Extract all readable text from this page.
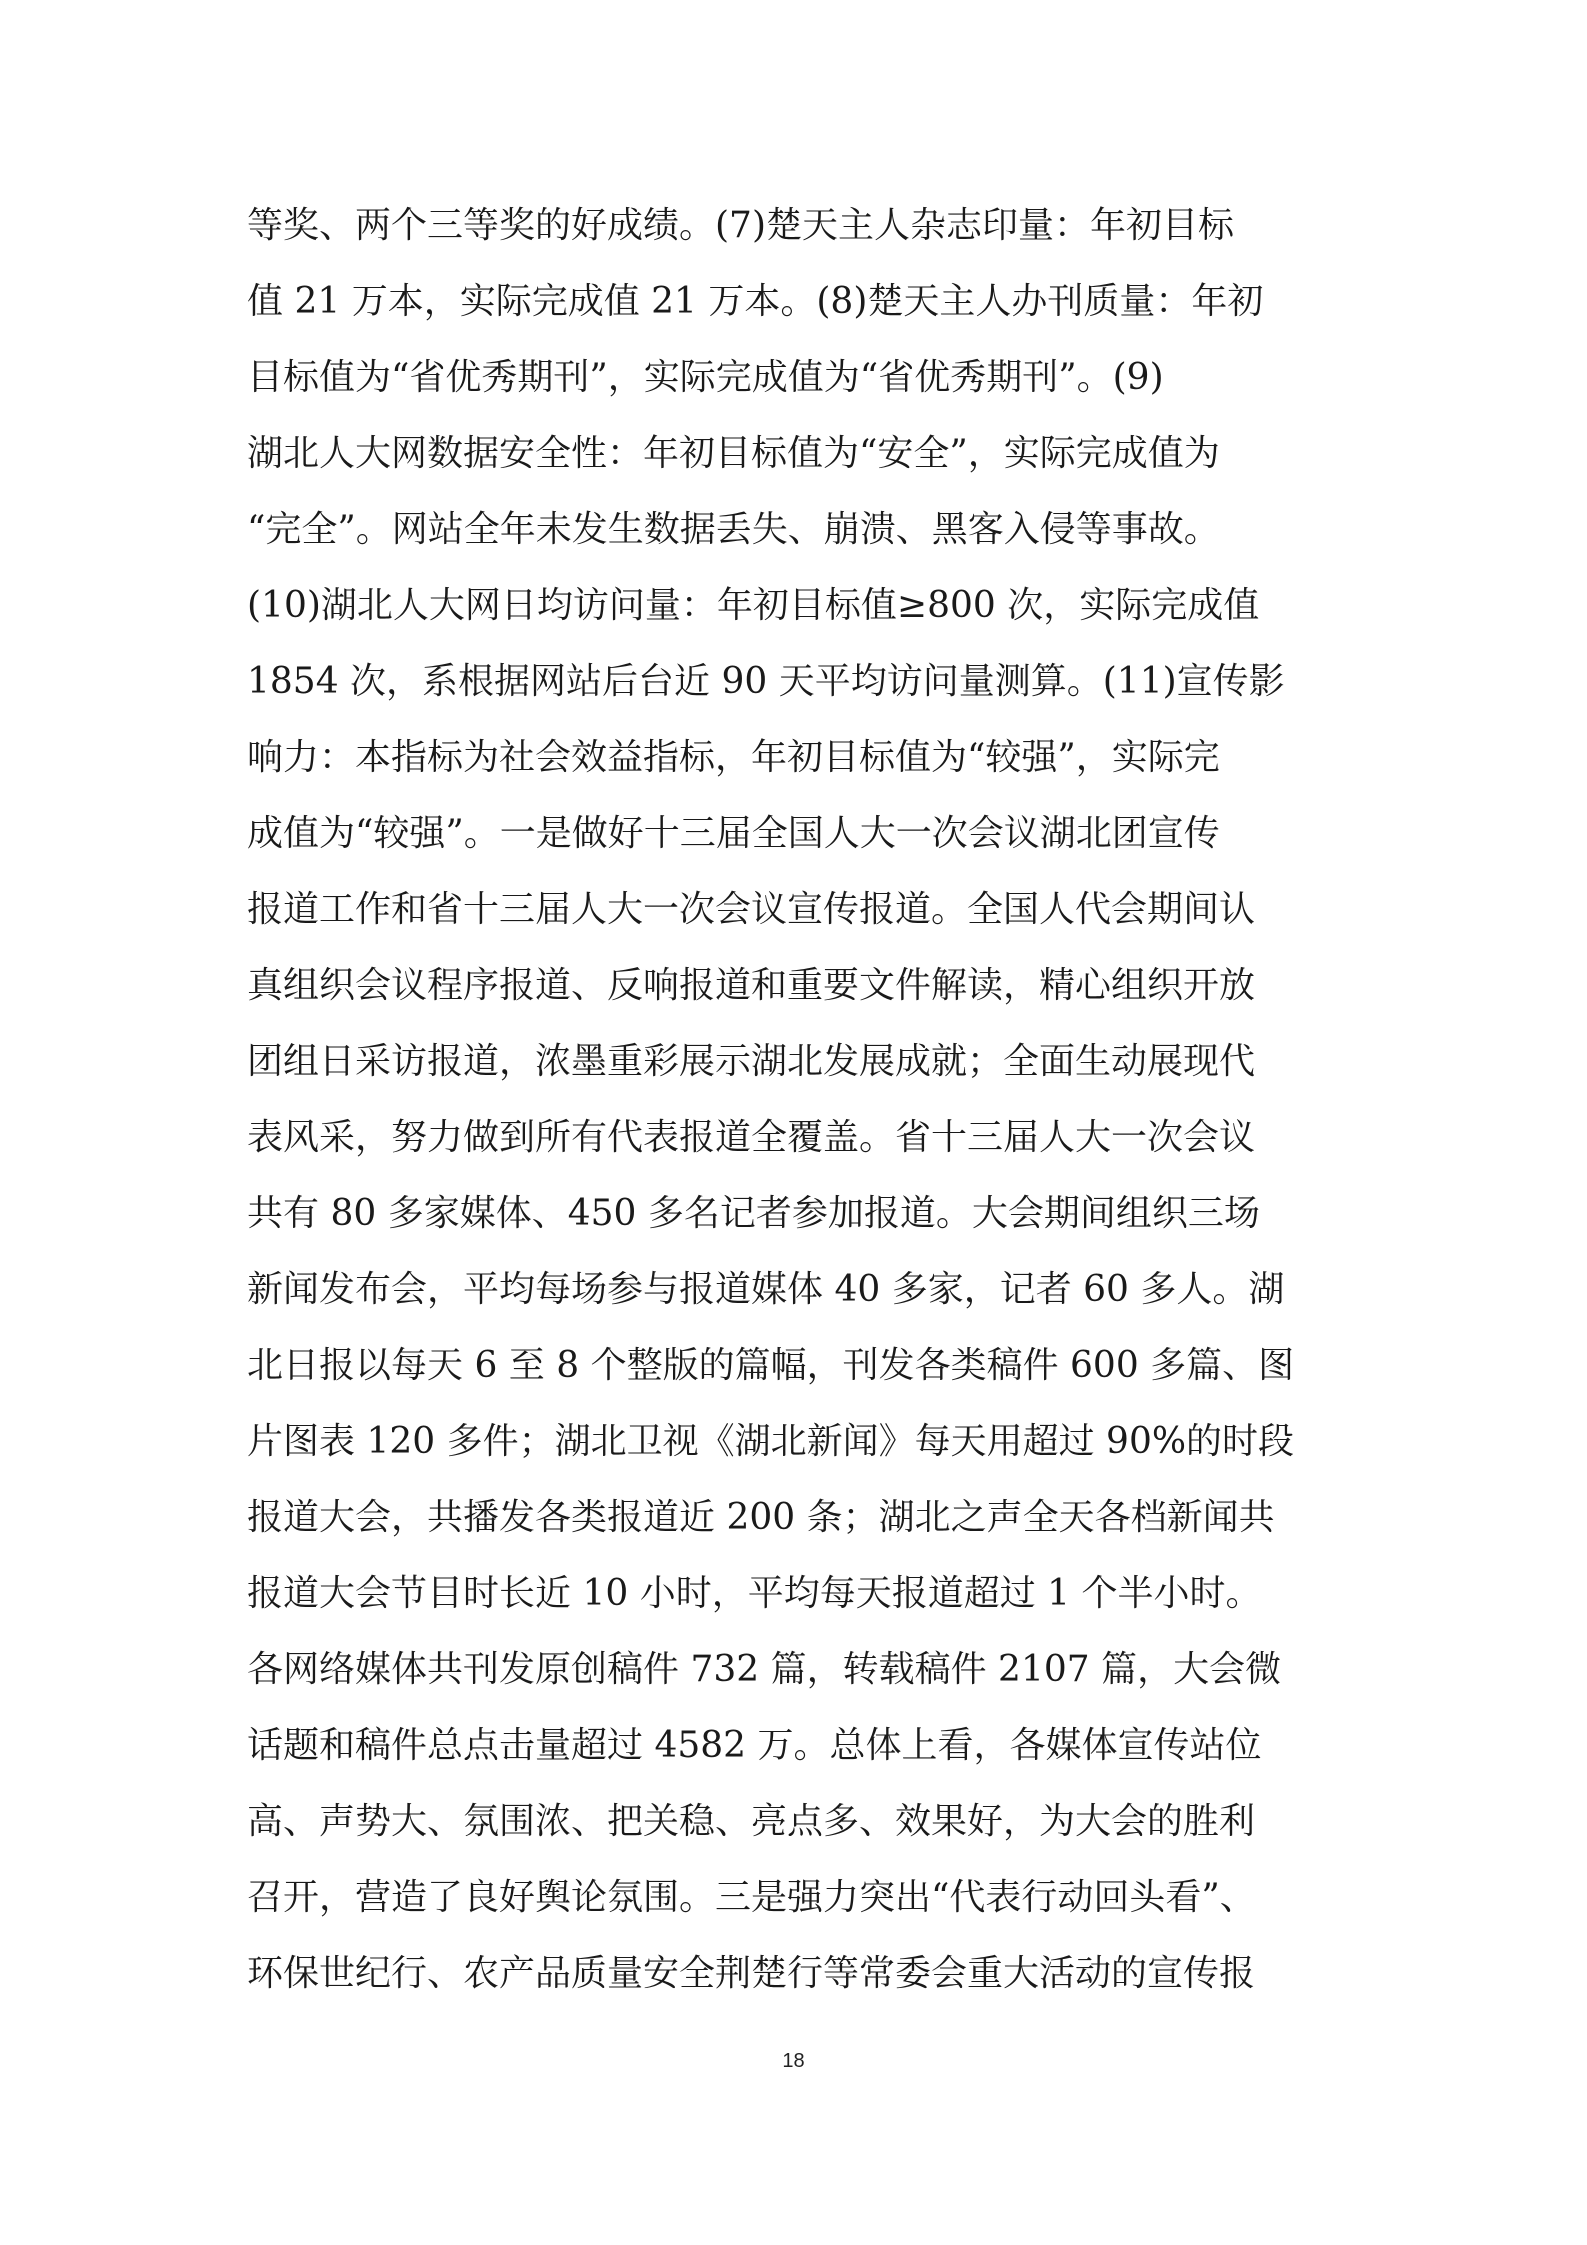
等奖、两个三等奖的好成绩。(7)楚天主人杂志印量：年初目标
值 21 万本，实际完成值 21 万本。(8)楚天主人办刊质量：年初
目标值为“省优秀期刊”，实际完成值为“省优秀期刊”。(9)
湖北人大网数据安全性：年初目标值为“安全”，实际完成值为
“完全”。网站全年未发生数据丢失、崩溃、黑客入侵等事故。
(10)湖北人大网日均访问量：年初目标值≥800 次，实际完成值
1854 次，系根据网站后台近 90 天平均访问量测算。(11)宣传影
响力：本指标为社会效益指标，年初目标值为“较强”，实际完
成值为“较强”。一是做好十三届全国人大一次会议湖北团宣传
报道工作和省十三届人大一次会议宣传报道。全国人代会期间认
真组织会议程序报道、反响报道和重要文件解读，精心组织开放
团组日采访报道，浓墨重彩展示湖北发展成就；全面生动展现代
表风采，努力做到所有代表报道全覆盖。省十三届人大一次会议
共有 80 多家媒体、450 多名记者参加报道。大会期间组织三场
新闻发布会，平均每场参与报道媒体 40 多家，记者 60 多人。湖
北日报以每天 6 至 8 个整版的篇幅，刊发各类稿件 600 多篇、图
片图表 120 多件；湖北卫视《湖北新闻》每天用超过 90%的时段
报道大会，共播发各类报道近 200 条；湖北之声全天各档新闻共
报道大会节目时长近 10 小时，平均每天报道超过 1 个半小时。
各网络媒体共刊发原创稿件 732 篇，转载稿件 2107 篇，大会微
话题和稿件总点击量超过 4582 万。总体上看，各媒体宣传站位
高、声势大、氛围浓、把关稳、亮点多、效果好，为大会的胜利
召开，营造了良好舆论氛围。三是强力突出“代表行动回头看”、
环保世纪行、农产品质量安全荆楚行等常委会重大活动的宣传报
18
